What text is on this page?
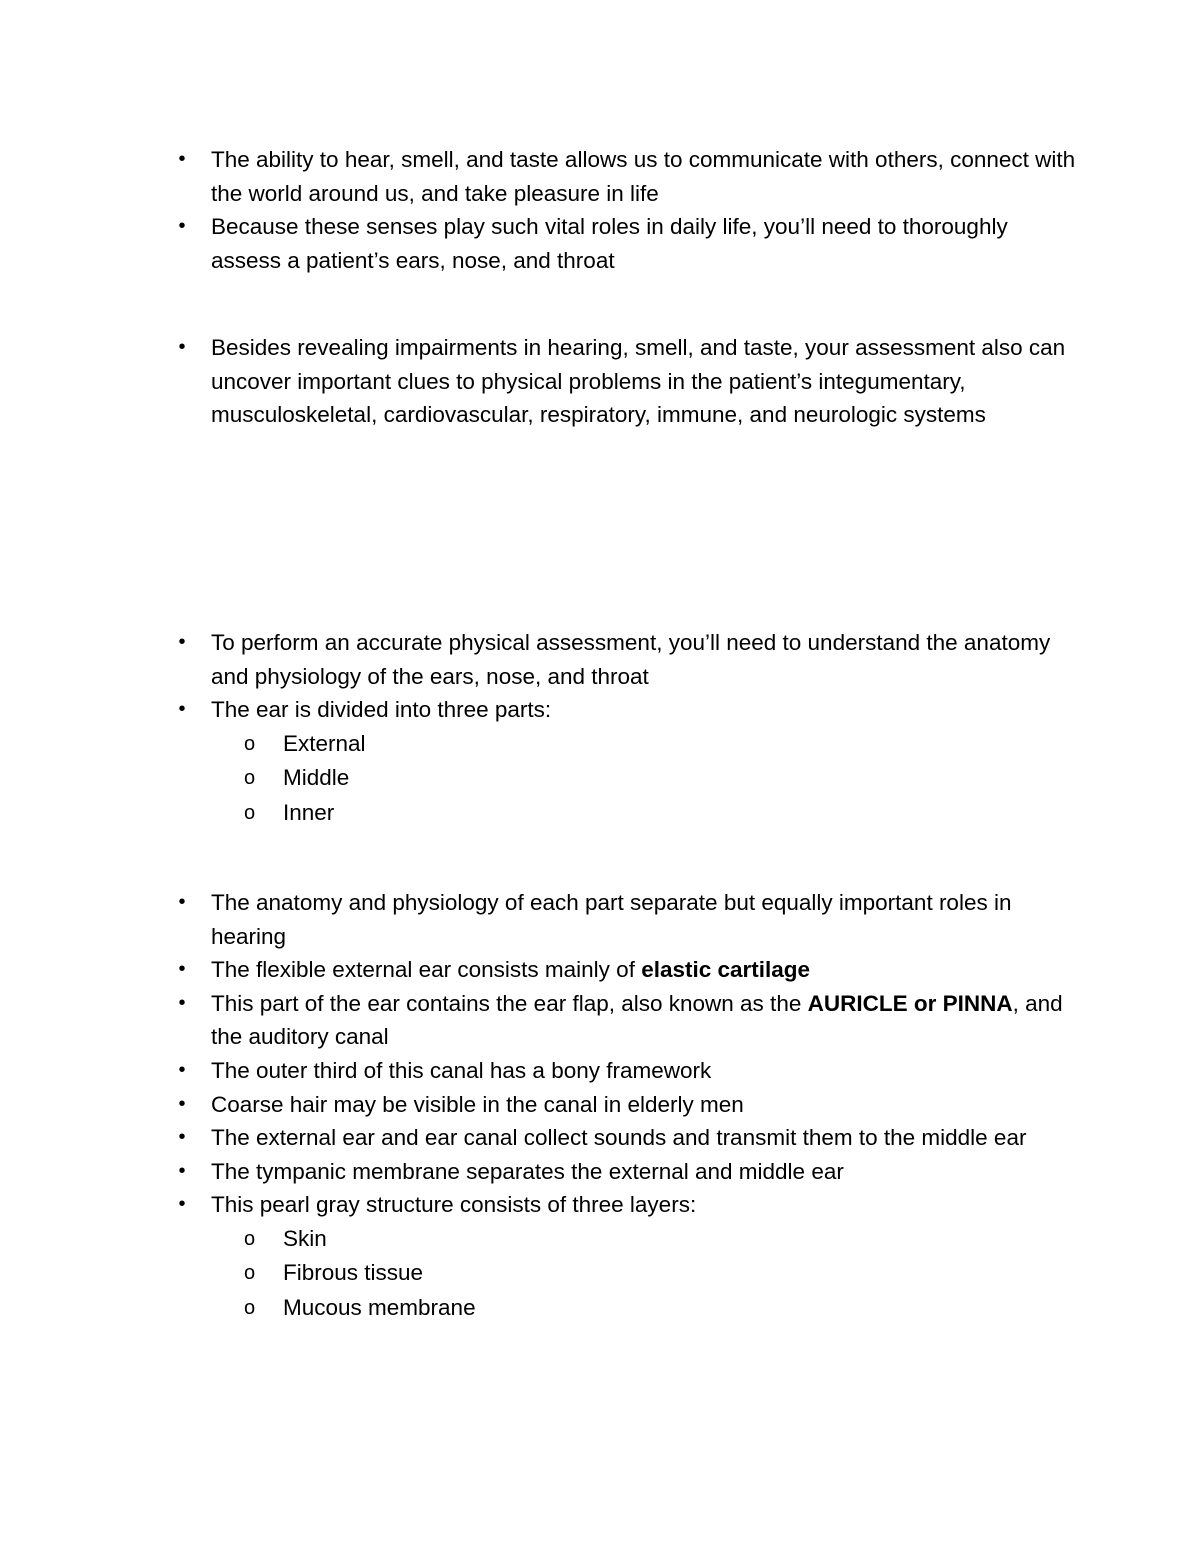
• The ability to hear, smell, and taste allows us to communicate with others, connect with the world around us, and take pleasure in life
• Because these senses play such vital roles in daily life, you’ll need to thoroughly assess a patient’s ears, nose, and throat
• Besides revealing impairments in hearing, smell, and taste, your assessment also can uncover important clues to physical problems in the patient’s integumentary, musculoskeletal, cardiovascular, respiratory, immune, and neurologic systems
• To perform an accurate physical assessment, you’ll need to understand the anatomy and physiology of the ears, nose, and throat
• The ear is divided into three parts:
o External
o Middle
o Inner
• The anatomy and physiology of each part separate but equally important roles in hearing
• The flexible external ear consists mainly of elastic cartilage
• This part of the ear contains the ear flap, also known as the AURICLE or PINNA, and the auditory canal
• The outer third of this canal has a bony framework
• Coarse hair may be visible in the canal in elderly men
• The external ear and ear canal collect sounds and transmit them to the middle ear
• The tympanic membrane separates the external and middle ear
• This pearl gray structure consists of three layers:
o Skin
o Fibrous tissue
o Mucous membrane
